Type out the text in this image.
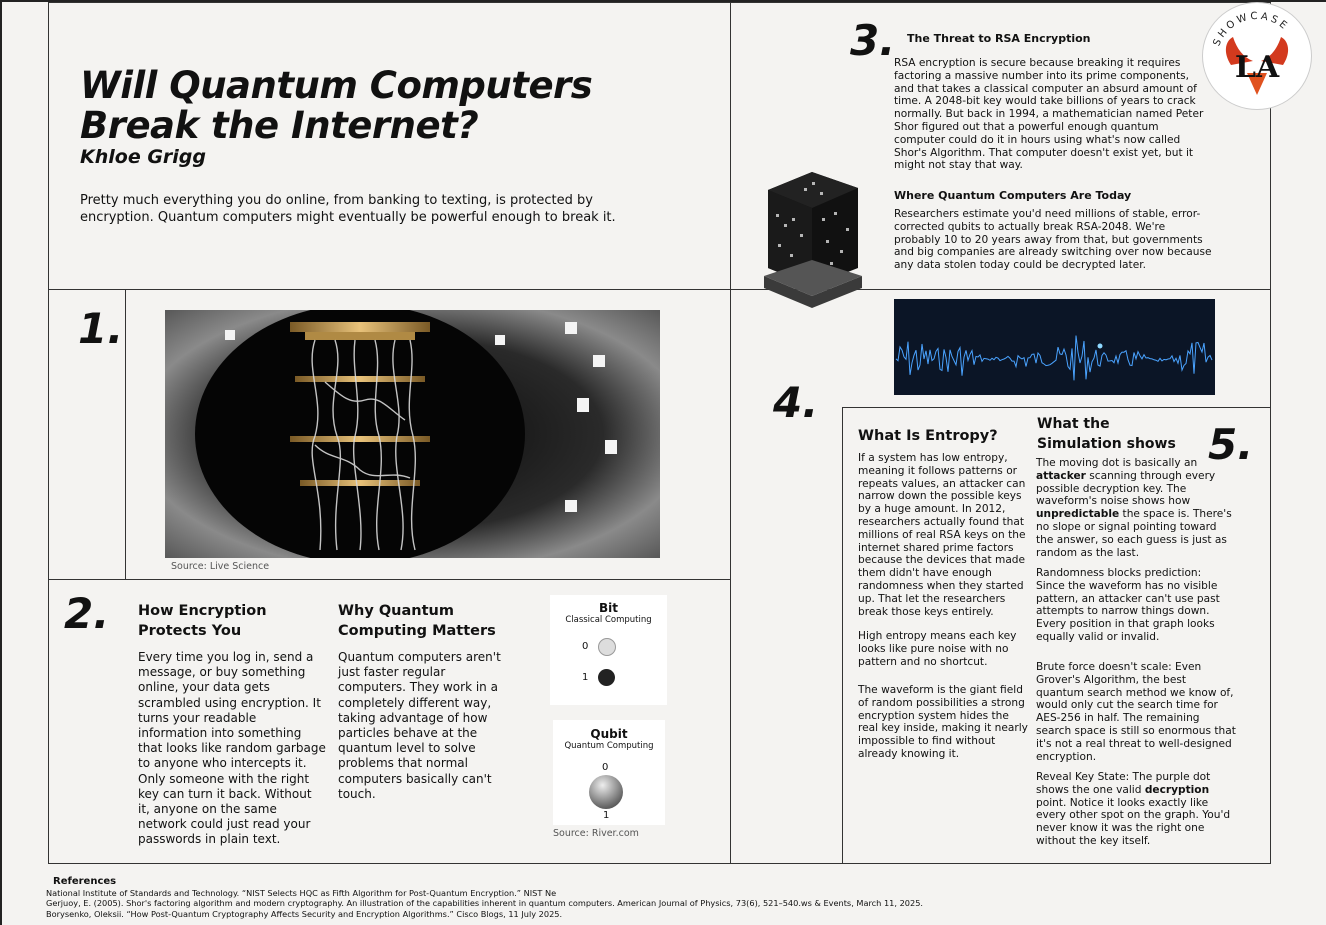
Will Quantum Computers Break the Internet?
Khloe Grigg
Pretty much everything you do online, from banking to texting, is protected by encryption. Quantum computers might eventually be powerful enough to break it.
SHOWCASE
LA
1.
Source: Live Science
2. How Encryption Protects You
Every time you log in, send a message, or buy something online, your data gets scrambled using encryption. It turns your readable information into something that looks like random garbage to anyone who intercepts it. Only someone with the right key can turn it back. Without it, anyone on the same network could just read your passwords in plain text.
Why Quantum Computing Matters
Quantum computers aren't just faster regular computers. They work in a completely different way, taking advantage of how particles behave at the quantum level to solve problems that normal computers basically can't touch.
Bit
Classical Computing
0
1
Qubit
Quantum Computing
0
1
Source: River.com
3. The Threat to RSA Encryption
RSA encryption is secure because breaking it requires factoring a massive number into its prime components, and that takes a classical computer an absurd amount of time. A 2048-bit key would take billions of years to crack normally. But back in 1994, a mathematician named Peter Shor figured out that a powerful enough quantum computer could do it in hours using what's now called Shor's Algorithm. That computer doesn't exist yet, but it might not stay that way.
Where Quantum Computers Are Today
Researchers estimate you'd need millions of stable, error-corrected qubits to actually break RSA-2048. We're probably 10 to 20 years away from that, but governments and big companies are already switching over now because any data stolen today could be decrypted later.
4.
What Is Entropy?
If a system has low entropy, meaning it follows patterns or repeats values, an attacker can narrow down the possible keys by a huge amount. In 2012, researchers actually found that millions of real RSA keys on the internet shared prime factors because the devices that made them didn't have enough randomness when they started up. That let the researchers break those keys entirely.
High entropy means each key looks like pure noise with no pattern and no shortcut.
The waveform is the giant field of random possibilities a strong encryption system hides the real key inside, making it nearly impossible to find without already knowing it.
What the Simulation shows 5.
The moving dot is basically an attacker scanning through every possible decryption key. The waveform's noise shows how unpredictable the space is. There's no slope or signal pointing toward the answer, so each guess is just as random as the last.
Randomness blocks prediction: Since the waveform has no visible pattern, an attacker can't use past attempts to narrow things down. Every position in that graph looks equally valid or invalid.
Brute force doesn't scale: Even Grover's Algorithm, the best quantum search method we know of, would only cut the search time for AES-256 in half. The remaining search space is still so enormous that it's not a real threat to well-designed encryption.
Reveal Key State: The purple dot shows the one valid decryption point. Notice it looks exactly like every other spot on the graph. You'd never know it was the right one without the key itself.
References
National Institute of Standards and Technology. “NIST Selects HQC as Fifth Algorithm for Post-Quantum Encryption.” NIST Ne
Gerjuoy, E. (2005). Shor's factoring algorithm and modern cryptography. An illustration of the capabilities inherent in quantum computers. American Journal of Physics, 73(6), 521–540.ws & Events, March 11, 2025.
Borysenko, Oleksii. “How Post-Quantum Cryptography Affects Security and Encryption Algorithms.” Cisco Blogs, 11 July 2025.
